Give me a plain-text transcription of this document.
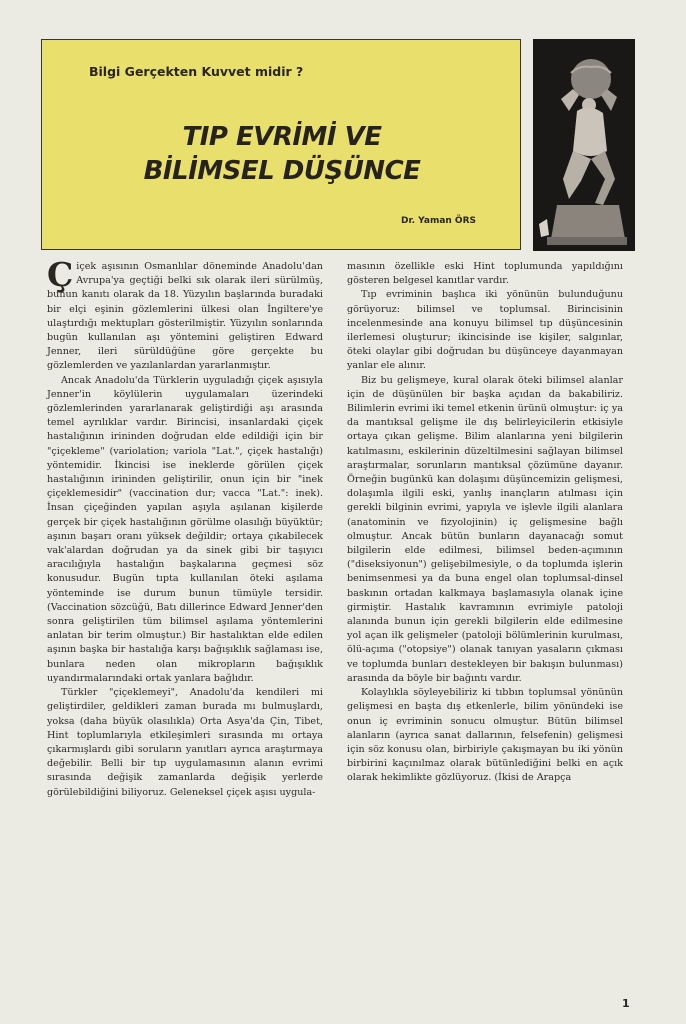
Bilgi Gerçekten Kuvvet midir ?
TIP EVRİMİ VE
BİLİMSEL DÜŞÜNCE
Dr. Yaman ÖRS

Çiçek aşısının Osmanlılar döneminde Anadolu'dan Avrupa'ya geçtiği belki sık olarak ileri sürülmüş, bunun kanıtı olarak da 18. Yüzyılın başlarında buradaki bir elçi eşinin gözlemlerini ülkesi olan İngiltere'ye ulaştırdığı mektupları gösterilmiştir. Yüzyılın sonlarında bugün kullanılan aşı yöntemini geliştiren Edward Jenner, ileri sürüldüğüne göre gerçekte bu gözlemlerden ve yazılanlardan yararlanmıştır.

Ancak Anadolu'da Türklerin uyguladığı çiçek aşısıyla Jenner'in köylülerin uygulamaları üzerindeki gözlemlerinden yararlanarak geliştirdiği aşı arasında temel ayrılıklar vardır. Birincisi, insanlardaki çiçek hastalığının irininden doğrudan elde edildiği için bir "çiçekleme" (variolation; variola "Lat.", çiçek hastalığı) yöntemidir. İkincisi ise ineklerde görülen çiçek hastalığının irininden geliştirilir, onun için bir "inek çiçeklemesidir" (vaccination dur; vacca "Lat.": inek). İnsan çiçeğinden yapılan aşıyla aşılanan kişilerde gerçek bir çiçek hastalığının görülme olasılığı büyüktür; aşının başarı oranı yüksek değildir; ortaya çıkabilecek vak'alardan doğrudan ya da sinek gibi bir taşıyıcı aracılığıyla hastalığın başkalarına geçmesi söz konusudur. Bugün tıpta kullanılan öteki aşılama yönteminde ise durum bunun tümüyle tersidir. (Vaccination sözcüğü, Batı dillerince Edward Jenner'den sonra geliştirilen tüm bilimsel aşılama yöntemlerini anlatan bir terim olmuştur.) Bir hastalıktan elde edilen aşının başka bir hastalığa karşı bağışıklık sağlaması ise, bunlara neden olan mikropların bağışıklık uyandırmalarındaki ortak yanlara bağlıdır.

Türkler "çiçeklemeyi", Anadolu'da kendileri mi geliştirdiler, geldikleri zaman burada mı bulmuşlardı, yoksa (daha büyük olasılıkla) Orta Asya'da Çin, Tibet, Hint toplumlarıyla etkileşimleri sırasında mı ortaya çıkarmışlardı gibi soruların yanıtları ayrıca araştırmaya değebilir. Belli bir tıp uygulamasının alanın evrimi sırasında değişik zamanlarda değişik yerlerde görülebildiğini biliyoruz. Geleneksel çiçek aşısı uygula-

masının özellikle eski Hint toplumunda yapıldığını gösteren belgesel kanıtlar vardır.

Tıp evriminin başlıca iki yönünün bulunduğunu görüyoruz: bilimsel ve toplumsal. Birincisinin incelenmesinde ana konuyu bilimsel tıp düşüncesinin ilerlemesi oluşturur; ikincisinde ise kişiler, salgınlar, öteki olaylar gibi doğrudan bu düşünceye dayanmayan yanlar ele alınır.

Biz bu gelişmeye, kural olarak öteki bilimsel alanlar için de düşünülen bir başka açıdan da bakabiliriz. Bilimlerin evrimi iki temel etkenin ürünü olmuştur: iç ya da mantıksal gelişme ile dış belirleyicilerin etkisiyle ortaya çıkan gelişme. Bilim alanlarına yeni bilgilerin katılmasını, eskilerinin düzeltilmesini sağlayan bilimsel araştırmalar, sorunların mantıksal çözümüne dayanır. Örneğin bugünkü kan dolaşımı düşüncemizin gelişmesi, dolaşımla ilgili eski, yanlış inançların atılması için gerekli bilginin evrimi, yapıyla ve işlevle ilgili alanlara (anatominin ve fizyolojinin) iç gelişmesine bağlı olmuştur. Ancak bütün bunların dayanacağı somut bilgilerin elde edilmesi, bilimsel beden-açımının ("diseksiyonun") gelişebilmesiyle, o da toplumda işlerin benimsenmesi ya da buna engel olan toplumsal-dinsel baskının ortadan kalkmaya başlamasıyla olanak içine girmiştir. Hastalık kavramının evrimiyle patoloji alanında bunun için gerekli bilgilerin elde edilmesine yol açan ilk gelişmeler (patoloji bölümlerinin kurulması, ölü-açıma ("otopsiye") olanak tanıyan yasaların çıkması ve toplumda bunları destekleyen bir bakışın bulunması) arasında da böyle bir bağıntı vardır.

Kolaylıkla söyleyebiliriz ki tıbbın toplumsal yönünün gelişmesi en başta dış etkenlerle, bilim yönündeki ise onun iç evriminin sonucu olmuştur. Bütün bilimsel alanların (ayrıca sanat dallarının, felsefenin) gelişmesi için söz konusu olan, birbiriyle çakışmayan bu iki yönün birbirini kaçınılmaz olarak bütünlediğini belki en açık olarak hekimlikte gözlüyoruz. (İkisi de Arapça

1
